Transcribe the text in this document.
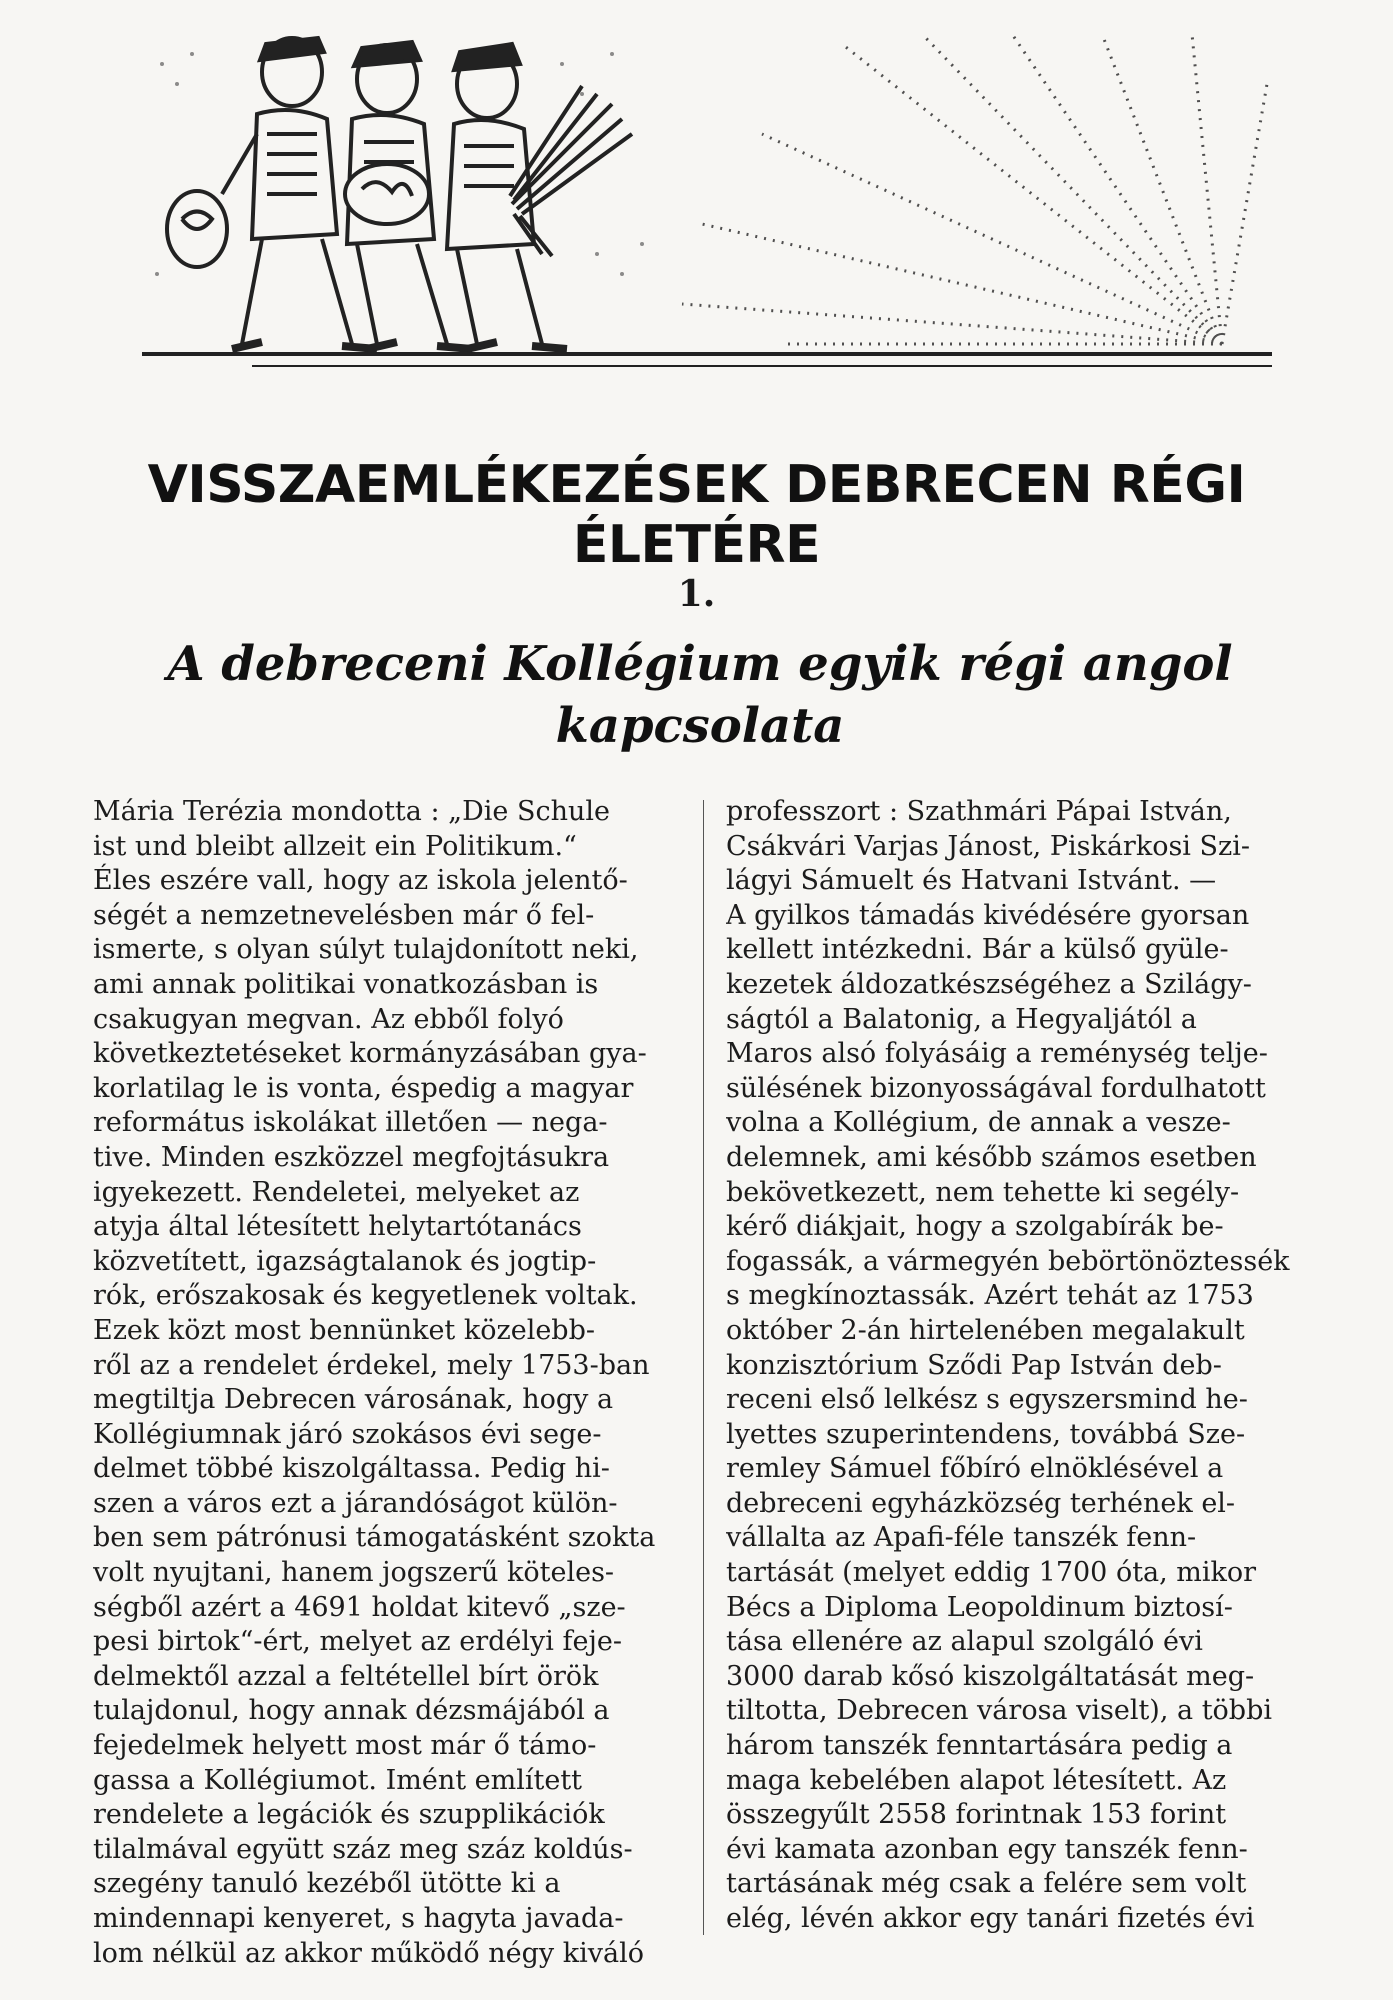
VISSZAEMLÉKEZÉSEK DEBRECEN RÉGI ÉLETÉRE
1.
A debreceni Kollégium egyik régi angol
kapcsolata
Mária Terézia mondotta : „Die Schule
ist und bleibt allzeit ein Politikum.“
Éles eszére vall, hogy az iskola jelentő-
ségét a nemzetnevelésben már ő fel-
ismerte, s olyan súlyt tulajdonított neki,
ami annak politikai vonatkozásban is
csakugyan megvan. Az ebből folyó
következtetéseket kormányzásában gya-
korlatilag le is vonta, éspedig a magyar
református iskolákat illetően — nega-
tive. Minden eszközzel megfojtásukra
igyekezett. Rendeletei, melyeket az
atyja által létesített helytartótanács
közvetített, igazságtalanok és jogtip-
rók, erőszakosak és kegyetlenek voltak.
Ezek közt most bennünket közelebb-
ről az a rendelet érdekel, mely 1753-ban
megtiltja Debrecen városának, hogy a
Kollégiumnak járó szokásos évi sege-
delmet többé kiszolgáltassa. Pedig hi-
szen a város ezt a járandóságot külön-
ben sem pátrónusi támogatásként szokta
volt nyujtani, hanem jogszerű köteles-
ségből azért a 4691 holdat kitevő „sze-
pesi birtok“-ért, melyet az erdélyi feje-
delmektől azzal a feltétellel bírt örök
tulajdonul, hogy annak dézsmájából a
fejedelmek helyett most már ő támo-
gassa a Kollégiumot. Imént említett
rendelete a legációk és szupplikációk
tilalmával együtt száz meg száz koldús-
szegény tanuló kezéből ütötte ki a
mindennapi kenyeret, s hagyta javada-
lom nélkül az akkor működő négy kiváló
professzort : Szathmári Pápai István,
Csákvári Varjas Jánost, Piskárkosi Szi-
lágyi Sámuelt és Hatvani Istvánt. —
A gyilkos támadás kivédésére gyorsan
kellett intézkedni. Bár a külső gyüle-
kezetek áldozatkészségéhez a Szilágy-
ságtól a Balatonig, a Hegyaljától a
Maros alsó folyásáig a reménység telje-
sülésének bizonyosságával fordulhatott
volna a Kollégium, de annak a vesze-
delemnek, ami később számos esetben
bekövetkezett, nem tehette ki segély-
kérő diákjait, hogy a szolgabírák be-
fogassák, a vármegyén bebörtönöztessék
s megkínoztassák. Azért tehát az 1753
október 2-án hirtelenében megalakult
konzisztórium Sződi Pap István deb-
receni első lelkész s egyszersmind he-
lyettes szuperintendens, továbbá Sze-
remley Sámuel főbíró elnöklésével a
debreceni egyházközség terhének el-
vállalta az Apafi-féle tanszék fenn-
tartását (melyet eddig 1700 óta, mikor
Bécs a Diploma Leopoldinum biztosí-
tása ellenére az alapul szolgáló évi
3000 darab kősó kiszolgáltatását meg-
tiltotta, Debrecen városa viselt), a többi
három tanszék fenntartására pedig a
maga kebelében alapot létesített. Az
összegyűlt 2558 forintnak 153 forint
évi kamata azonban egy tanszék fenn-
tartásának még csak a felére sem volt
elég, lévén akkor egy tanári fizetés évi
